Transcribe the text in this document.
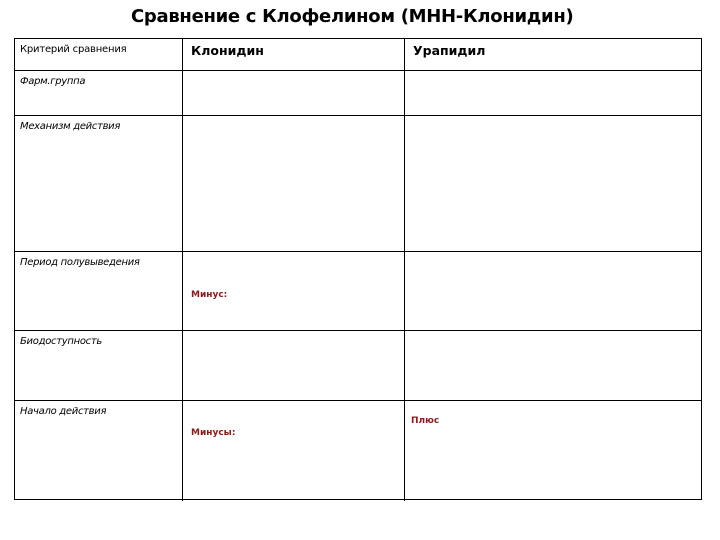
Сравнение с Клофелином (МНН-Клонидин)
Критерий сравнения	Клонидин	Урапидил
Фарм.группа
Механизм действия
Период полувыведения
Минус:
Биодоступность
Начало действия
Минусы:
Плюс
